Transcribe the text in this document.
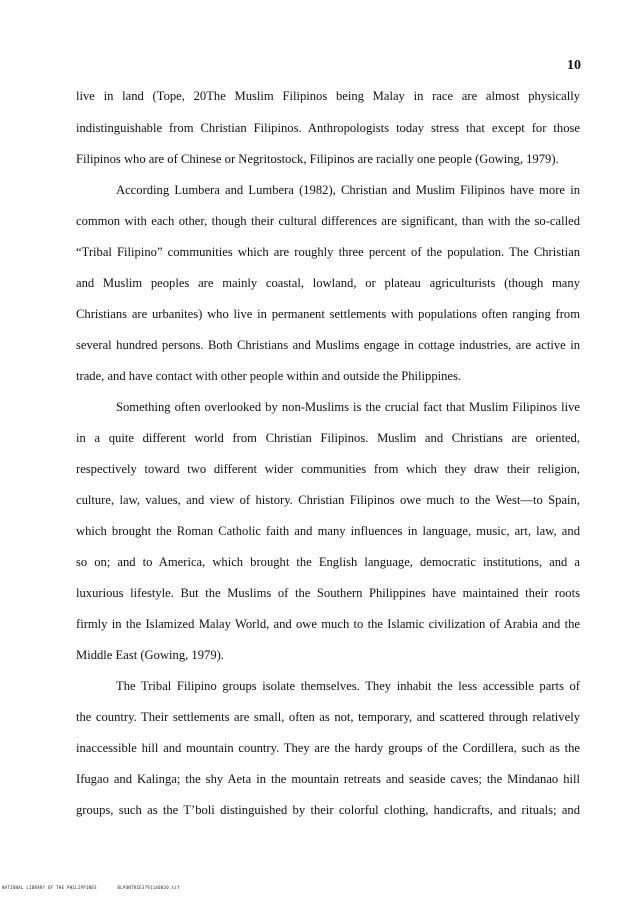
10
live in land (Tope, 20The Muslim Filipinos being Malay in race are almost physically
indistinguishable from Christian Filipinos. Anthropologists today stress that except for those
Filipinos who are of Chinese or Negritostock, Filipinos are racially one people (Gowing, 1979).
According Lumbera and Lumbera (1982), Christian and Muslim Filipinos have more in
common with each other, though their cultural differences are significant, than with the so-called
“Tribal Filipino” communities which are roughly three percent of the population. The Christian
and Muslim peoples are mainly coastal, lowland, or plateau agriculturists (though many
Christians are urbanites) who live in permanent settlements with populations often ranging from
several hundred persons. Both Christians and Muslims engage in cottage industries, are active in
trade, and have contact with other people within and outside the Philippines.
Something often overlooked by non-Muslims is the crucial fact that Muslim Filipinos live
in a quite different world from Christian Filipinos. Muslim and Christians are oriented,
respectively toward two different wider communities from which they draw their religion,
culture, law, values, and view of history. Christian Filipinos owe much to the West—to Spain,
which brought the Roman Catholic faith and many influences in language, music, art, law, and
so on; and to America, which brought the English language, democratic institutions, and a
luxurious lifestyle. But the Muslims of the Southern Philippines have maintained their roots
firmly in the Islamized Malay World, and owe much to the Islamic civilization of Arabia and the
Middle East (Gowing, 1979).
The Tribal Filipino groups isolate themselves. They inhabit the less accessible parts of
the country. Their settlements are small, often as not, temporary, and scattered through relatively
inaccessible hill and mountain country. They are the hardy groups of the Cordillera, such as the
Ifugao and Kalinga; the shy Aeta in the mountain retreats and seaside caves; the Mindanao hill
groups, such as the T’boli distinguished by their colorful clothing, handicrafts, and rituals; and
NATIONAL LIBRARY OF THE PHILIPPINES	BLPONTRIE3791140020.tif
